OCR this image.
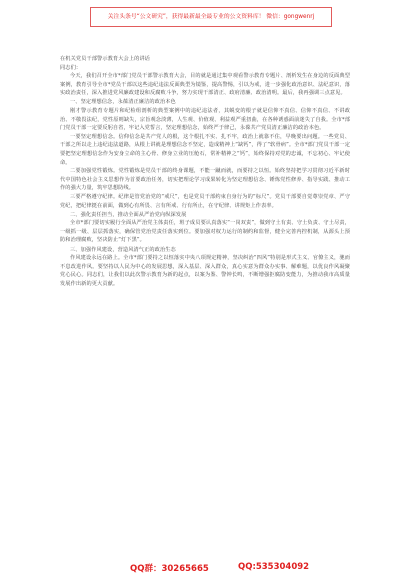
关注头条号“公文研究”，获得最新最全最专业的公文资料库！ 微信：gongwenrj

在机关党员干部警示教育大会上的讲话

同志们：

今天，我们召开全市*部门党员干部警示教育大会，目的就是通过集中观看警示教育专题片、剖析发生在身边的反面典型案例，教育引导全市*党员干部以这些违纪违法反面典型为镜鉴，提高警惕，引以为戒，进一步强化政治意识、法纪意识，落实政治责任，深入推进党风廉政建设和反腐败斗争，努力实现干部清正、政府清廉、政治清明。最后，我再强调三点意见。

一、坚定理想信念，永葆清正廉洁的政治本色

刚才警示教育专题片和纪检组剖析的典型案例中的违纪违法者，其蜕变的根子就是信仰不真信、信仰不真信、不讲政治、不敬畏法纪，党性原则缺失，宗旨观念淡薄，人生观、价值观、利益观严重扭曲，在各种诱惑面前迷失了自我。全市*部门党员干部一定要反躬自省，牢记入党誓言，坚定理想信念，始终严于律己，永葆共产党员清正廉洁的政治本色。

一要坚定理想信念。信仰信念是共产党人的根，这个根扎不实、扎不牢，政治上就靠不住，早晚要出问题。一些党员、干部之所以走上违纪违法道路，从根上讲就是理想信念不坚定，造成精神上“缺钙”，得了“软骨病”。全市*部门党员干部一定要把坚定理想信念作为安身立命的主心骨、修身立业的压舱石，常补精神之“钙”，始终保持对党的忠诚，不忘初心、牢记使命。

二要加强党性锻炼。党性锻炼是党员干部的终身课题，不能一蹴而就，而要持之以恒。始终坚持把学习贯彻习近平新时代中国特色社会主义思想作为首要政治任务，切实把理论学习成果转化为坚定理想信念、锤炼党性修养、指导实践、推动工作的强大力量，筑牢思想防线。

三要严格遵守纪律。纪律是管党治党的“戒尺”，也是党员干部约束自身行为的“标尺”。党员干部要自觉尊崇党章、严守党纪，把纪律挺在前面，做到心有所畏、言有所戒、行有所止，在守纪律、讲规矩上作表率。

二、强化责任担当，推动全面从严治党向纵深发展

全市*部门要切实履行全面从严治党主体责任，班子成员要认真落实“一岗双责”，做到守土有责、守土负责、守土尽责，一级抓一级、层层抓落实，确保管党治党责任落实到位。要加强对权力运行的制约和监督，健全完善内控机制，从源头上预防和治理腐败，坚决防止“灯下黑”。

三、加强作风建设，营造风清气正的政治生态

作风建设永远在路上。全市*部门要持之以恒落实中央八项规定精神，坚决纠治“四风”特别是形式主义、官僚主义，驰而不息改进作风。要坚持以人民为中心的发展思想，深入基层、深入群众，真心实意为群众办实事、解难题，以优良作风凝聚党心民心。同志们，让我们以此次警示教育为新的起点，以案为鉴、警钟长鸣，不断增强拒腐防变能力，为推动我市高质量发展作出新的更大贡献。

QQ群：30265665	QQ:535304092
